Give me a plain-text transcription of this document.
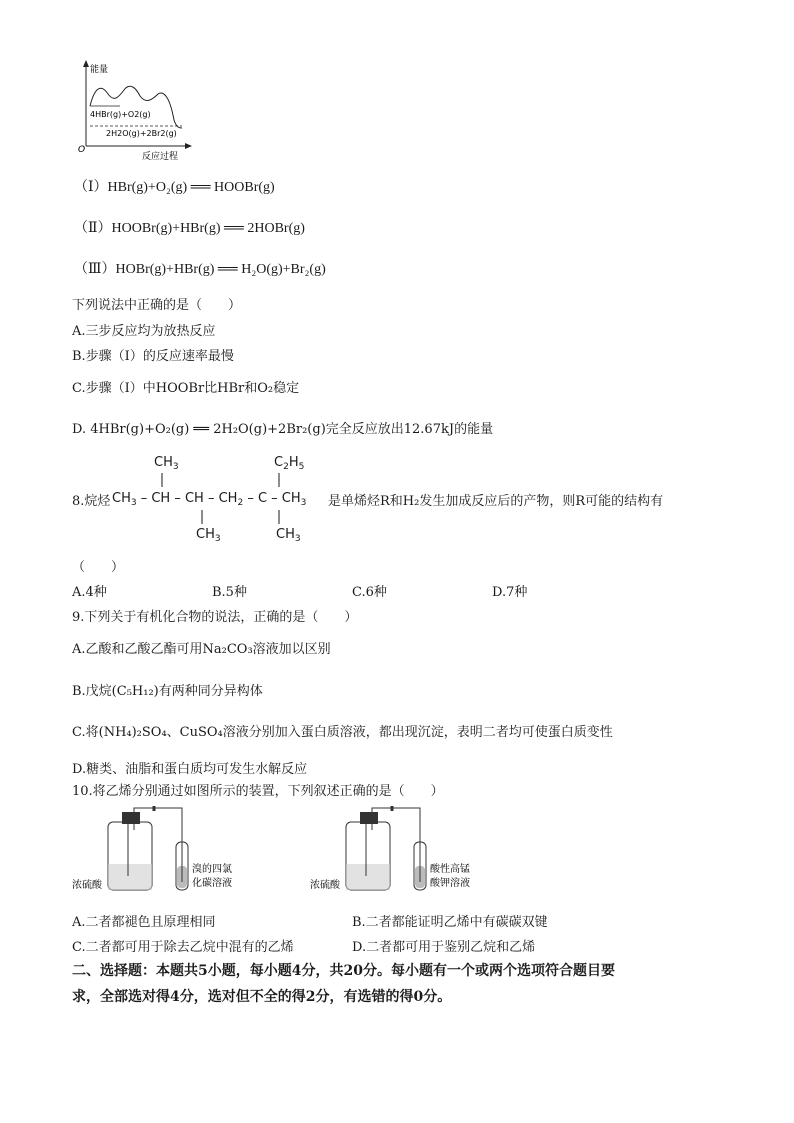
能量
O
反应过程
4HBr(g)+O2(g)
2H2O(g)+2Br2(g)
（Ⅰ）HBr(g)+O₂(g) ══ HOOBr(g)
（Ⅱ）HOOBr(g)+HBr(g) ══ 2HOBr(g)
（Ⅲ）HOBr(g)+HBr(g) ══ H₂O(g)+Br₂(g)
下列说法中正确的是（　　）
A.三步反应均为放热反应
B.步骤（Ⅰ）的反应速率最慢
C.步骤（Ⅰ）中HOOBr比HBr和O₂稳定
D. 4HBr(g)+O₂(g) ══ 2H₂O(g)+2Br₂(g)完全反应放出12.67kJ的能量
8.烷烃 $CH_3$ – CH – CH – $CH_2$ – C – $CH_3$
$CH_3$	$C_2H_5$
$CH_3$	$CH_3$
是单烯烃R和H₂发生加成反应后的产物，则R可能的结构有
（　　）
A.4种	B.5种	C.6种	D.7种
9.下列关于有机化合物的说法，正确的是（　　）
A.乙酸和乙酸乙酯可用Na₂CO₃溶液加以区别
B.戊烷(C₅H₁₂)有两种同分异构体
C.将(NH₄)₂SO₄、CuSO₄溶液分别加入蛋白质溶液，都出现沉淀，表明二者均可使蛋白质变性
D.糖类、油脂和蛋白质均可发生水解反应
10.将乙烯分别通过如图所示的装置，下列叙述正确的是（　　）
浓硫酸
溴的四氯
化碳溶液	浓硫酸
酸性高锰
酸钾溶液
A.二者都褪色且原理相同	B.二者都能证明乙烯中有碳碳双键
C.二者都可用于除去乙烷中混有的乙烯	D.二者都可用于鉴别乙烷和乙烯
二、选择题：本题共5小题，每小题4分，共20分。每小题有一个或两个选项符合题目要
求，全部选对得4分，选对但不全的得2分，有选错的得0分。
